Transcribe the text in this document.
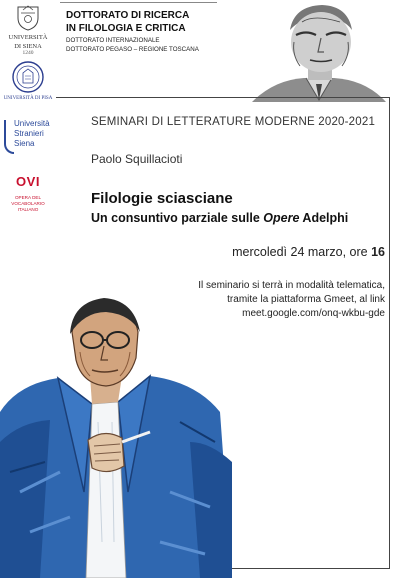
UNIVERSITÀ
DI SIENA
1240
UNIVERSITÀ DI PISA
Università
Stranieri
Siena
OVI
OPERA DEL
VOCABOLARIO
ITALIANO
DOTTORATO DI RICERCA
IN FILOLOGIA E CRITICA
DOTTORATO INTERNAZIONALE
DOTTORATO PEGASO – REGIONE TOSCANA
SEMINARI DI LETTERATURE MODERNE 2020-2021
Paolo Squillacioti
Filologie sciasciane
Un consuntivo parziale sulle Opere Adelphi
mercoledì 24 marzo, ore 16
Il seminario si terrà in modalità telematica,
tramite la piattaforma Gmeet, al link
meet.google.com/onq-wkbu-gde
